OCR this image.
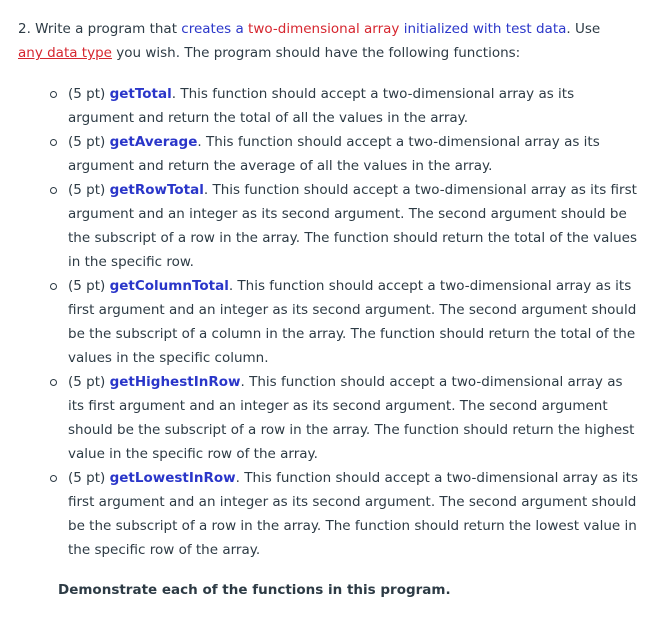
2. Write a program that creates a two-dimensional array initialized with test data. Use
any data type you wish. The program should have the following functions:

(5 pt) getTotal. This function should accept a two-dimensional array as its argument and return the total of all the values in the array.
(5 pt) getAverage. This function should accept a two-dimensional array as its argument and return the average of all the values in the array.
(5 pt) getRowTotal. This function should accept a two-dimensional array as its first argument and an integer as its second argument. The second argument should be the subscript of a row in the array. The function should return the total of the values in the specific row.
(5 pt) getColumnTotal. This function should accept a two-dimensional array as its first argument and an integer as its second argument. The second argument should be the subscript of a column in the array. The function should return the total of the values in the specific column.
(5 pt) getHighestInRow. This function should accept a two-dimensional array as its first argument and an integer as its second argument. The second argument should be the subscript of a row in the array. The function should return the highest value in the specific row of the array.
(5 pt) getLowestInRow. This function should accept a two-dimensional array as its first argument and an integer as its second argument. The second argument should be the subscript of a row in the array. The function should return the lowest value in the specific row of the array.

Demonstrate each of the functions in this program.
